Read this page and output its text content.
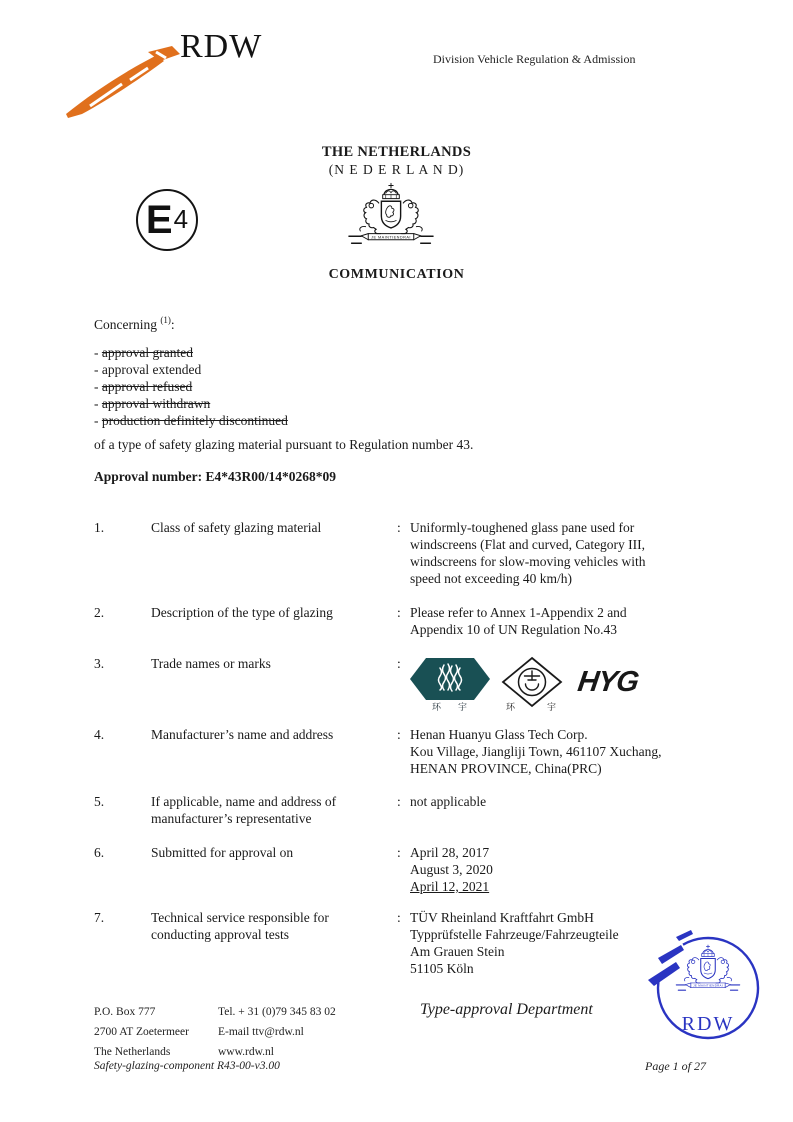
RDW	Division Vehicle Regulation & Admission
THE NETHERLANDS
(N E D E R L A N D)
E 4
COMMUNICATION
Concerning $^{(1)}$:
- approval granted
- approval extended
- approval refused
- approval withdrawn
- production definitely discontinued
of a type of safety glazing material pursuant to Regulation number 43.
Approval number: E4*43R00/14*0268*09
1.	Class of safety glazing material	: Uniformly-toughened glass pane used for
windscreens (Flat and curved, Category III,
windscreens for slow-moving vehicles with
speed not exceeding 40 km/h)
2.	Description of the type of glazing	: Please refer to Annex 1-Appendix 2 and
Appendix 10 of UN Regulation No.43
3.	Trade names or marks	:
环 宇	环	宇
HYG
4.	Manufacturer’s name and address	: Henan Huanyu Glass Tech Corp.
Kou Village, Jiangliji Town, 461107 Xuchang,
HENAN PROVINCE, China(PRC)
5.	If applicable, name and address of
manufacturer’s representative
: not applicable
6.	Submitted for approval on	: April 28, 2017
August 3, 2020
April 12, 2021
7.	Technical service responsible for
conducting approval tests
: TÜV Rheinland Kraftfahrt GmbH
Typprüfstelle Fahrzeuge/Fahrzeugteile
Am Grauen Stein
51105 Köln
RDW
P.O. Box 777
2700 AT Zoetermeer
The Netherlands
Tel. + 31 (0)79 345 83 02
E-mail ttv@rdw.nl
www.rdw.nl
Type-approval Department
Safety-glazing-component R43-00-v3.00	Page 1 of 27
